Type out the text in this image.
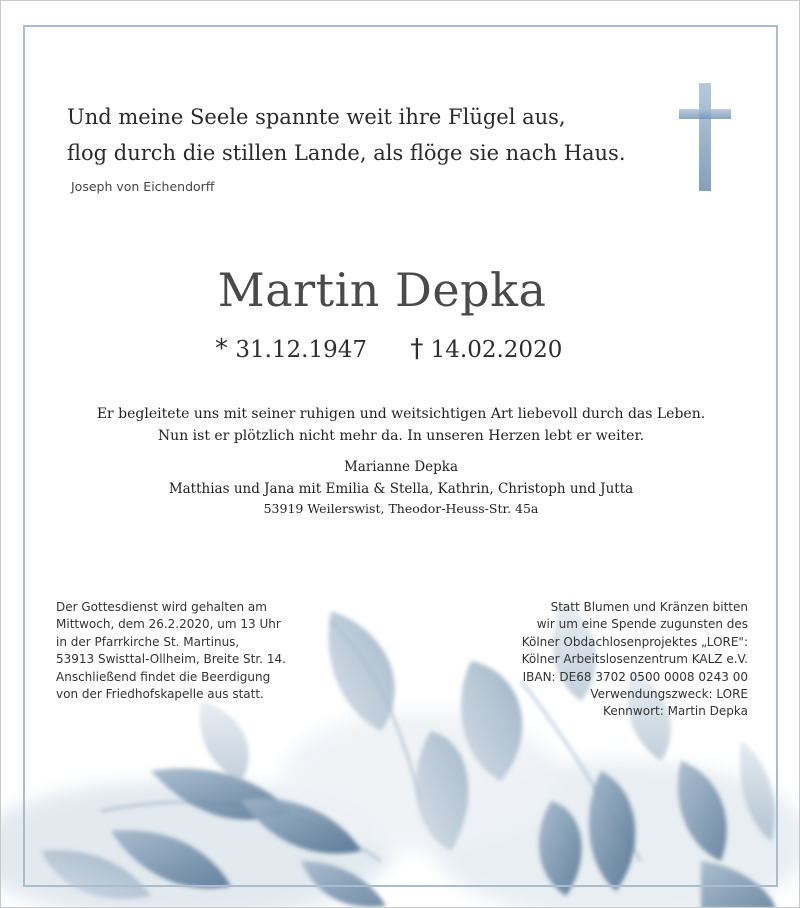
Und meine Seele spannte weit ihre Flügel aus,
flog durch die stillen Lande, als flöge sie nach Haus.
Joseph von Eichendorff
Martin Depka
* 31.12.1947 † 14.02.2020
Er begleitete uns mit seiner ruhigen und weitsichtigen Art liebevoll durch das Leben.
Nun ist er plötzlich nicht mehr da. In unseren Herzen lebt er weiter.
Marianne Depka
Matthias und Jana mit Emilia & Stella, Kathrin, Christoph und Jutta
53919 Weilerswist, Theodor-Heuss-Str. 45a
Der Gottesdienst wird gehalten am
Mittwoch, dem 26.2.2020, um 13 Uhr
in der Pfarrkirche St. Martinus,
53913 Swisttal-Ollheim, Breite Str. 14.
Anschließend findet die Beerdigung
von der Friedhofskapelle aus statt.
Statt Blumen und Kränzen bitten
wir um eine Spende zugunsten des
Kölner Obdachlosenprojektes „LORE":
Kölner Arbeitslosenzentrum KALZ e.V.
IBAN: DE68 3702 0500 0008 0243 00
Verwendungszweck: LORE
Kennwort: Martin Depka
